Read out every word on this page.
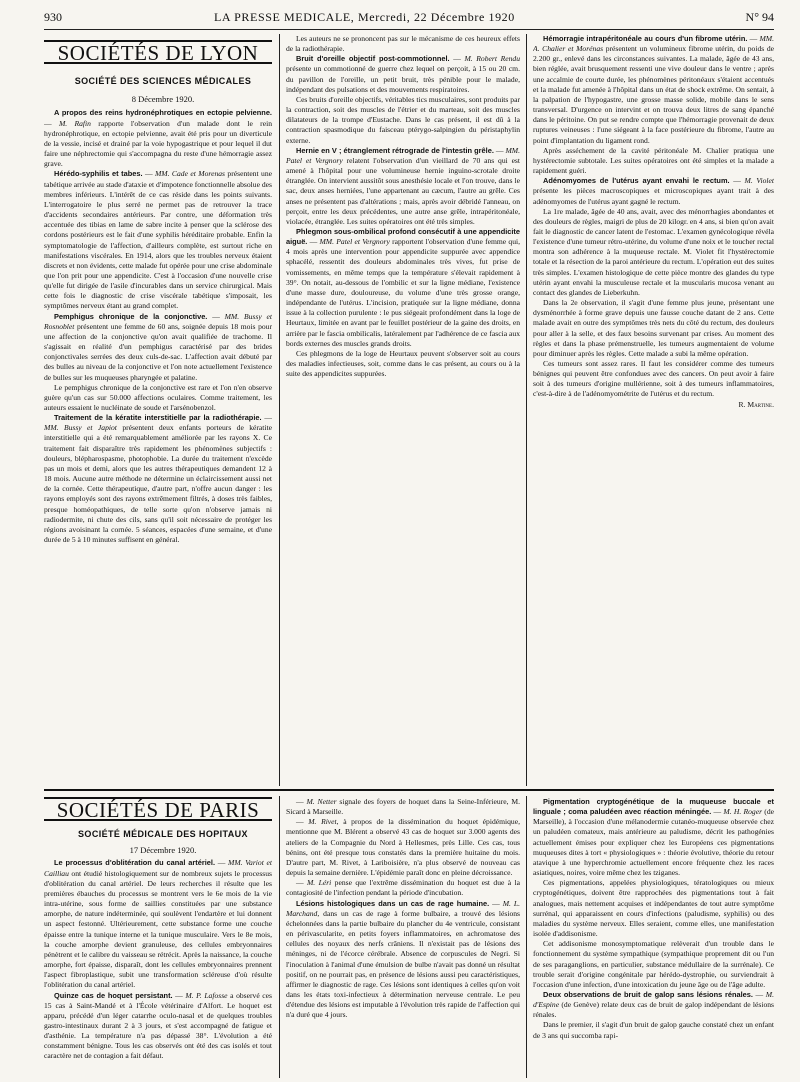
930	LA PRESSE MEDICALE, Mercredi, 22 Décembre 1920	N° 94
SOCIÉTÉS DE LYON

SOCIÉTÉ DES SCIENCES MÉDICALES

8 Décembre 1920.

A propos des reins hydronéphrotiques en ectopie pelvienne. — M. Rafin rapporte l'observation d'un malade dont le rein hydronéphrotique, en ectopie pelvienne, avait été pris pour un diverticule de la vessie, incisé et drainé par la voie hypogastrique et pour lequel il dut faire une néphrectomie qui s'accompagna du reste d'une hémorragie assez grave.

Hérédo-syphilis et tabes. — MM. Cade et Morenas présentent une tabétique arrivée au stade d'ataxie et d'impotence fonctionnelle absolue des membres inférieurs. L'intérêt de ce cas réside dans les points suivants. L'interrogatoire le plus serré ne permet pas de retrouver la trace d'accidents secondaires antérieurs. Par contre, une déformation très accentuée des tibias en lame de sabre incite à penser que la sclérose des cordons postérieurs est le fait d'une syphilis héréditaire probable. Enfin la symptomatologie de l'affection, d'ailleurs complète, est surtout riche en manifestations viscérales. En 1914, alors que les troubles nerveux étaient discrets et non évidents, cette malade fut opérée pour une crise abdominale que l'on prit pour une appendicite. C'est à l'occasion d'une nouvelle crise qu'elle fut dirigée de l'asile d'incurables dans un service chirurgical. Mais cette fois le diagnostic de crise viscérale tabétique s'imposait, les symptômes nerveux étant au grand complet.

Pemphigus chronique de la conjonctive. — MM. Bussy et Rosnoblet présentent une femme de 60 ans, soignée depuis 18 mois pour une affection de la conjonctive qu'on avait qualifiée de trachome. Il s'agissait en réalité d'un pemphigus caractérisé par des brides conjonctivales serrées des deux culs-de-sac. L'affection avait débuté par des bulles au niveau de la conjonctive et l'on note actuellement l'existence de bulles sur les muqueuses pharyngée et palatine.

Le pemphigus chronique de la conjonctive est rare et l'on n'en observe guère qu'un cas sur 50.000 affections oculaires. Comme traitement, les auteurs essaient le nucléinate de soude et l'arsénobenzol.

Traitement de la kératite interstitielle par la radiothérapie. — MM. Bussy et Japiot présentent deux enfants porteurs de kératite interstitielle qui a été remarquablement améliorée par les rayons X. Ce traitement fait disparaître très rapidement les phénomènes subjectifs : douleurs, blépharospasme, photophobie. La durée du traitement n'excède pas un mois et demi, alors que les autres thérapeutiques demandent 12 à 18 mois. Aucune autre méthode ne détermine un éclaircissement aussi net de la cornée. Cette thérapeutique, d'autre part, n'offre aucun danger : les rayons employés sont des rayons extrêmement filtrés, à doses très faibles, presque homéopathiques, de telle sorte qu'on n'observe jamais ni radiodermite, ni chute des cils, sans qu'il soit nécessaire de protéger les régions avoisinant la cornée. 5 séances, espacées d'une semaine, et d'une durée de 5 à 10 minutes suffisent en général.

Les auteurs ne se prononcent pas sur le mécanisme de ces heureux effets de la radiothérapie.

Bruit d'oreille objectif post-commotionnel. — M. Robert Rendu présente un commotionné de guerre chez lequel on perçoit, à 15 ou 20 cm. du pavillon de l'oreille, un petit bruit, très pénible pour le malade, indépendant des pulsations et des mouvements respiratoires.

Ces bruits d'oreille objectifs, véritables tics musculaires, sont produits par la contraction, soit des muscles de l'étrier et du marteau, soit des muscles dilatateurs de la trompe d'Eustache. Dans le cas présent, il est dû à la contraction spasmodique du faisceau ptérygo-salpingien du péristaphylin externe.

Hernie en V ; étranglement rétrograde de l'intestin grêle. — MM. Patel et Vergnory relatent l'observation d'un vieillard de 70 ans qui est amené à l'hôpital pour une volumineuse hernie inguino-scrotale droite étranglée. On intervient aussitôt sous anesthésie locale et l'on trouve, dans le sac, deux anses herniées, l'une appartenant au cæcum, l'autre au grêle. Ces anses ne présentent pas d'altérations ; mais, après avoir débridé l'anneau, on perçoit, entre les deux précédentes, une autre anse grêle, intrapéritonéale, violacée, étranglée. Les suites opératoires ont été très simples.

Phlegmon sous-ombilical profond consécutif à une appendicite aiguë. — MM. Patel et Vergnory rapportent l'observation d'une femme qui, 4 mois après une intervention pour appendicite suppurée avec appendice sphacélé, ressentit des douleurs abdominales très vives, fut prise de vomissements, en même temps que la température s'élevait rapidement à 39°. On notait, au-dessous de l'ombilic et sur la ligne médiane, l'existence d'une masse dure, douloureuse, du volume d'une très grosse orange, indépendante de l'utérus. L'incision, pratiquée sur la ligne médiane, donna issue à la collection purulente : le pus siégeait profondément dans la loge de Heurtaux, limitée en avant par le feuillet postérieur de la gaine des droits, en arrière par le fascia ombilicalis, latéralement par l'adhérence de ce fascia aux bords externes des muscles grands droits.

Ces phlegmons de la loge de Heurtaux peuvent s'observer soit au cours des maladies infectieuses, soit, comme dans le cas présent, au cours ou à la suite des appendicites suppurées.

Hémorragie intrapéritonéale au cours d'un fibrome utérin. — MM. A. Chalier et Morénas présentent un volumineux fibrome utérin, du poids de 2.200 gr., enlevé dans les circonstances suivantes. La malade, âgée de 43 ans, bien réglée, avait brusquement ressenti une vive douleur dans le ventre ; après une accalmie de courte durée, les phénomènes péritonéaux s'étaient accentués et la malade fut amenée à l'hôpital dans un état de shock extrême. On sentait, à la palpation de l'hypogastre, une grosse masse solide, mobile dans le sens transversal. D'urgence on intervint et on trouva deux litres de sang épanché dans le péritoine. On put se rendre compte que l'hémorragie provenait de deux ruptures veineuses : l'une siégeant à la face postérieure du fibrome, l'autre au point d'implantation du ligament rond.

Après asséchement de la cavité péritonéale M. Chalier pratiqua une hystérectomie subtotale. Les suites opératoires ont été simples et la malade a rapidement guéri.

Adénomyomes de l'utérus ayant envahi le rectum. — M. Violet présente les pièces macroscopiques et microscopiques ayant trait à des adénomyomes de l'utérus ayant gagné le rectum.

La 1re malade, âgée de 40 ans, avait, avec des ménorrhagies abondantes et des douleurs de règles, maigri de plus de 20 kilogr. en 4 ans, si bien qu'on avait fait le diagnostic de cancer latent de l'estomac. L'examen gynécologique révéla l'existence d'une tumeur rétro-utérine, du volume d'une noix et le toucher rectal montra son adhérence à la muqueuse rectale. M. Violet fit l'hystérectomie totale et la résection de la paroi antérieure du rectum. L'opération eut des suites très simples. L'examen histologique de cette pièce montre des glandes du type utérin ayant envahi la musculeuse rectale et la muscularis mucosa venant au contact des glandes de Lieberkuhn.

Dans la 2e observation, il s'agit d'une femme plus jeune, présentant une dysménorrhée à forme grave depuis une fausse couche datant de 2 ans. Cette malade avait en outre des symptômes très nets du côté du rectum, des douleurs pour aller à la selle, et des faux besoins survenant par crises. Au moment des règles et dans la phase prémenstruelle, les tumeurs augmentaient de volume pour diminuer après les règles. Cette malade a subi la même opération.

Ces tumeurs sont assez rares. Il faut les considérer comme des tumeurs bénignes qui peuvent être confondues avec des cancers. On peut avoir à faire soit à des tumeurs d'origine mullérienne, soit à des tumeurs inflammatoires, c'est-à-dire à de l'adénomyométrite de l'utérus et du rectum.

R. Martine.

SOCIÉTÉS DE PARIS

SOCIÉTÉ MÉDICALE DES HOPITAUX

17 Décembre 1920.

Le processus d'oblitération du canal artériel. — MM. Variot et Cailliau ont étudié histologiquement sur de nombreux sujets le processus d'oblitération du canal artériel. De leurs recherches il résulte que les premières ébauches du processus se montrent vers le 6e mois de la vie intra-utérine, sous forme de saillies constituées par une substance amorphe, de nature indéterminée, qui soulèvent l'endartère et lui donnent un aspect festonné. Ultérieurement, cette substance forme une couche épaisse entre la tunique interne et la tunique musculaire. Vers le 8e mois, la couche amorphe devient granuleuse, des cellules embryonnaires pénètrent et le calibre du vaisseau se rétrécit. Après la naissance, la couche amorphe, fort épaisse, disparaît, dont les cellules embryonnaires prennent l'aspect fibroplastique, subit une transformation scléreuse d'où résulte l'oblitération du canal artériel.

Quinze cas de hoquet persistant. — M. P. Lafosse a observé ces 15 cas à Saint-Mandé et à l'École vétérinaire d'Alfort. Le hoquet est apparu, précédé d'un léger catarrhe oculo-nasal et de quelques troubles gastro-intestinaux durant 2 à 3 jours, et s'est accompagné de fatigue et d'asthénie. La température n'a pas dépassé 38°. L'évolution a été constamment bénigne. Tous les cas observés ont été des cas isolés et tout caractère net de contagion a fait défaut.

— M. Netter signale des foyers de hoquet dans la Seine-Inférieure, M. Sicard à Marseille.

— M. Rivet, à propos de la dissémination du hoquet épidémique, mentionne que M. Blérent a observé 43 cas de hoquet sur 3.000 agents des ateliers de la Compagnie du Nord à Hellesmes, près Lille. Ces cas, tous bénins, ont été presque tous constatés dans la première huitaine du mois. D'autre part, M. Rivet, à Lariboisière, n'a plus observé de nouveau cas depuis la semaine dernière. L'épidémie paraît donc en pleine décroissance.

— M. Léri pense que l'extrême dissémination du hoquet est due à la contagiosité de l'infection pendant la période d'incubation.

Lésions histologiques dans un cas de rage humaine. — M. L. Marchand, dans un cas de rage à forme bulbaire, a trouvé des lésions échelonnées dans la partie bulbaire du plancher du 4e ventricule, consistant en périvascularite, en petits foyers inflammatoires, en achromatose des cellules des noyaux des nerfs crâniens. Il n'existait pas de lésions des méninges, ni de l'écorce cérébrale. Absence de corpuscules de Negri. Si l'inoculation à l'animal d'une émulsion de bulbe n'avait pas donné un résultat positif, on ne pourrait pas, en présence de lésions aussi peu caractéristiques, affirmer le diagnostic de rage. Ces lésions sont identiques à celles qu'on voit dans les états toxi-infectieux à détermination nerveuse centrale. Le peu d'étendue des lésions est imputable à l'évolution très rapide de l'affection qui n'a duré que 4 jours.

Pigmentation cryptogénétique de la muqueuse buccale et linguale ; coma paludéen avec réaction méningée. — M. H. Roger (de Marseille), à l'occasion d'une mélanodermie cutanéo-muqueuse observée chez un paludéen comateux, mais antérieure au paludisme, décrit les pathogénies actuellement émises pour expliquer chez les Européens ces pigmentations muqueuses dites à tort « physiologiques » : théorie évolutive, théorie du retour atavique à une hyperchromie actuellement encore fréquente chez les races asiatiques, noires, voire même chez les tziganes.

Ces pigmentations, appelées physiologiques, tératologiques ou mieux cryptogénétiques, doivent être rapprochées des pigmentations tout à fait analogues, mais nettement acquises et indépendantes de tout autre symptôme surrénal, qui apparaissent en cours d'infections (paludisme, syphilis) ou des maladies du système nerveux. Elles seraient, comme elles, une manifestation isolée d'addisonisme.

Cet addisonisme monosymptomatique relèverait d'un trouble dans le fonctionnement du système sympathique (sympathique proprement dit ou l'un de ses paraganglions, en particulier, substance médullaire de la surrénale). Ce trouble serait d'origine congénitale par hérédo-dystrophie, ou surviendrait à l'occasion d'une infection, d'une intoxication du jeune âge ou de l'âge adulte.

Deux observations de bruit de galop sans lésions rénales. — M. d'Espine (de Genève) relate deux cas de bruit de galop indépendant de lésions rénales.

Dans le premier, il s'agit d'un bruit de galop gauche constaté chez un enfant de 3 ans qui succomba rapi-
